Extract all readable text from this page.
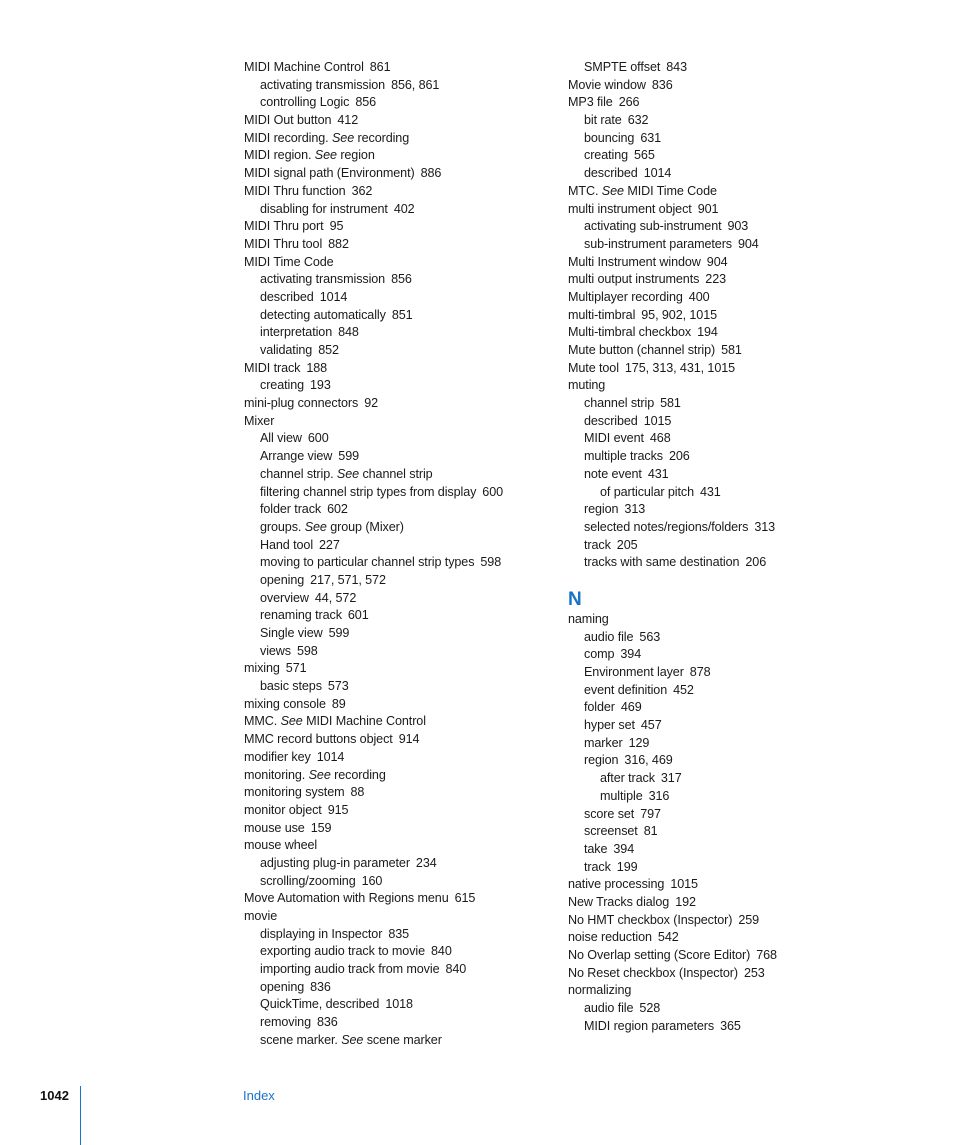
MIDI Machine Control 861
activating transmission 856, 861
controlling Logic 856
MIDI Out button 412
MIDI recording. See recording
MIDI region. See region
MIDI signal path (Environment) 886
MIDI Thru function 362
disabling for instrument 402
MIDI Thru port 95
MIDI Thru tool 882
MIDI Time Code
activating transmission 856
described 1014
detecting automatically 851
interpretation 848
validating 852
MIDI track 188
creating 193
mini-plug connectors 92
Mixer
All view 600
Arrange view 599
channel strip. See channel strip
filtering channel strip types from display 600
folder track 602
groups. See group (Mixer)
Hand tool 227
moving to particular channel strip types 598
opening 217, 571, 572
overview 44, 572
renaming track 601
Single view 599
views 598
mixing 571
basic steps 573
mixing console 89
MMC. See MIDI Machine Control
MMC record buttons object 914
modifier key 1014
monitoring. See recording
monitoring system 88
monitor object 915
mouse use 159
mouse wheel
adjusting plug-in parameter 234
scrolling/zooming 160
Move Automation with Regions menu 615
movie
displaying in Inspector 835
exporting audio track to movie 840
importing audio track from movie 840
opening 836
QuickTime, described 1018
removing 836
scene marker. See scene marker
SMPTE offset 843
Movie window 836
MP3 file 266
bit rate 632
bouncing 631
creating 565
described 1014
MTC. See MIDI Time Code
multi instrument object 901
activating sub-instrument 903
sub-instrument parameters 904
Multi Instrument window 904
multi output instruments 223
Multiplayer recording 400
multi-timbral 95, 902, 1015
Multi-timbral checkbox 194
Mute button (channel strip) 581
Mute tool 175, 313, 431, 1015
muting
channel strip 581
described 1015
MIDI event 468
multiple tracks 206
note event 431
of particular pitch 431
region 313
selected notes/regions/folders 313
track 205
tracks with same destination 206
N
naming
audio file 563
comp 394
Environment layer 878
event definition 452
folder 469
hyper set 457
marker 129
region 316, 469
after track 317
multiple 316
score set 797
screenset 81
take 394
track 199
native processing 1015
New Tracks dialog 192
No HMT checkbox (Inspector) 259
noise reduction 542
No Overlap setting (Score Editor) 768
No Reset checkbox (Inspector) 253
normalizing
audio file 528
MIDI region parameters 365
1042	Index
